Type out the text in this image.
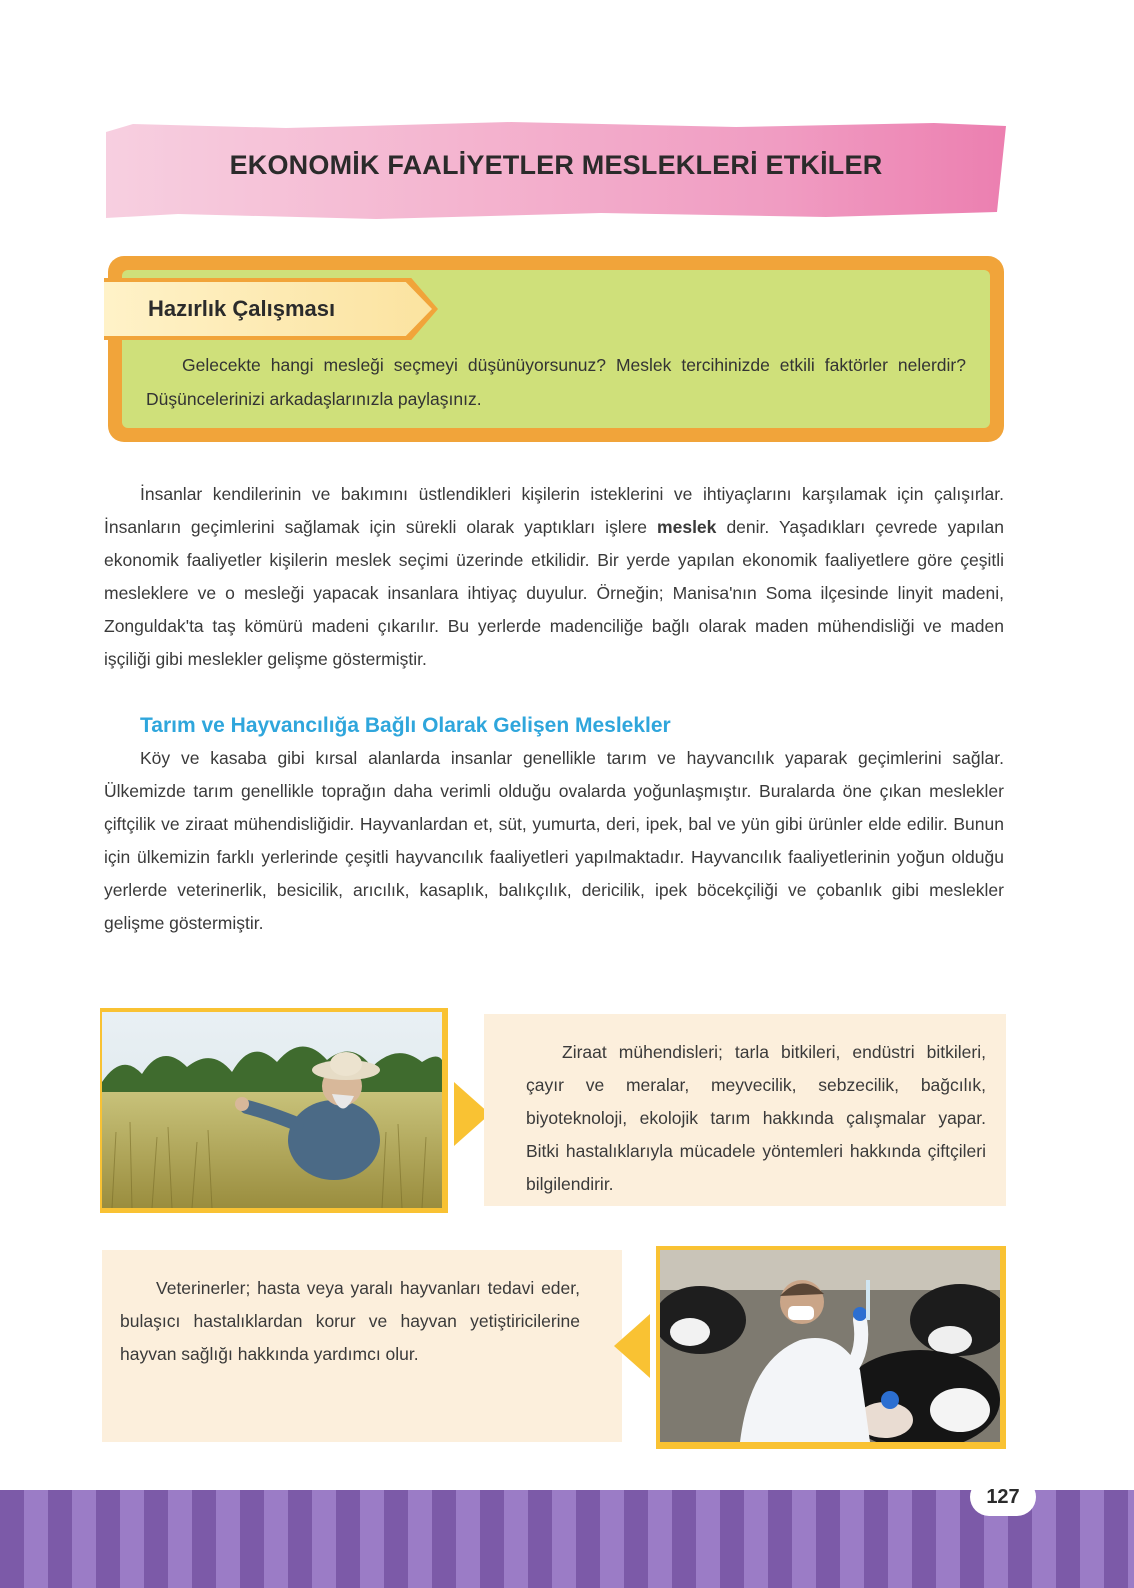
EKONOMİK FAALİYETLER MESLEKLERİ ETKİLER
Hazırlık Çalışması
Gelecekte hangi mesleği seçmeyi düşünüyorsunuz? Meslek tercihinizde etkili faktörler nelerdir? Düşüncelerinizi arkadaşlarınızla paylaşınız.

İnsanlar kendilerinin ve bakımını üstlendikleri kişilerin isteklerini ve ihtiyaçlarını karşılamak için çalışırlar. İnsanların geçimlerini sağlamak için sürekli olarak yaptıkları işlere meslek denir. Yaşadıkları çevrede yapılan ekonomik faaliyetler kişilerin meslek seçimi üzerinde etkilidir. Bir yerde yapılan ekonomik faaliyetlere göre çeşitli mesleklere ve o mesleği yapacak insanlara ihtiyaç duyulur. Örneğin; Manisa'nın Soma ilçesinde linyit madeni, Zonguldak'ta taş kömürü madeni çıkarılır. Bu yerlerde madenciliğe bağlı olarak maden mühendisliği ve maden işçiliği gibi meslekler gelişme göstermiştir.

Tarım ve Hayvancılığa Bağlı Olarak Gelişen Meslekler

Köy ve kasaba gibi kırsal alanlarda insanlar genellikle tarım ve hayvancılık yaparak geçimlerini sağlar. Ülkemizde tarım genellikle toprağın daha verimli olduğu ovalarda yoğunlaşmıştır. Buralarda öne çıkan meslekler çiftçilik ve ziraat mühendisliğidir. Hayvanlardan et, süt, yumurta, deri, ipek, bal ve yün gibi ürünler elde edilir. Bunun için ülkemizin farklı yerlerinde çeşitli hayvancılık faaliyetleri yapılmaktadır. Hayvancılık faaliyetlerinin yoğun olduğu yerlerde veterinerlik, besicilik, arıcılık, kasaplık, balıkçılık, dericilik, ipek böcekçiliği ve çobanlık gibi meslekler gelişme göstermiştir.

Ziraat mühendisleri; tarla bitkileri, endüstri bitkileri, çayır ve meralar, meyvecilik, sebzecilik, bağcılık, biyoteknoloji, ekolojik tarım hakkında çalışmalar yapar. Bitki hastalıklarıyla mücadele yöntemleri hakkında çiftçileri bilgilendirir.

Veterinerler; hasta veya yaralı hayvanları tedavi eder, bulaşıcı hastalıklardan korur ve hayvan yetiştiricilerine hayvan sağlığı hakkında yardımcı olur.

127
